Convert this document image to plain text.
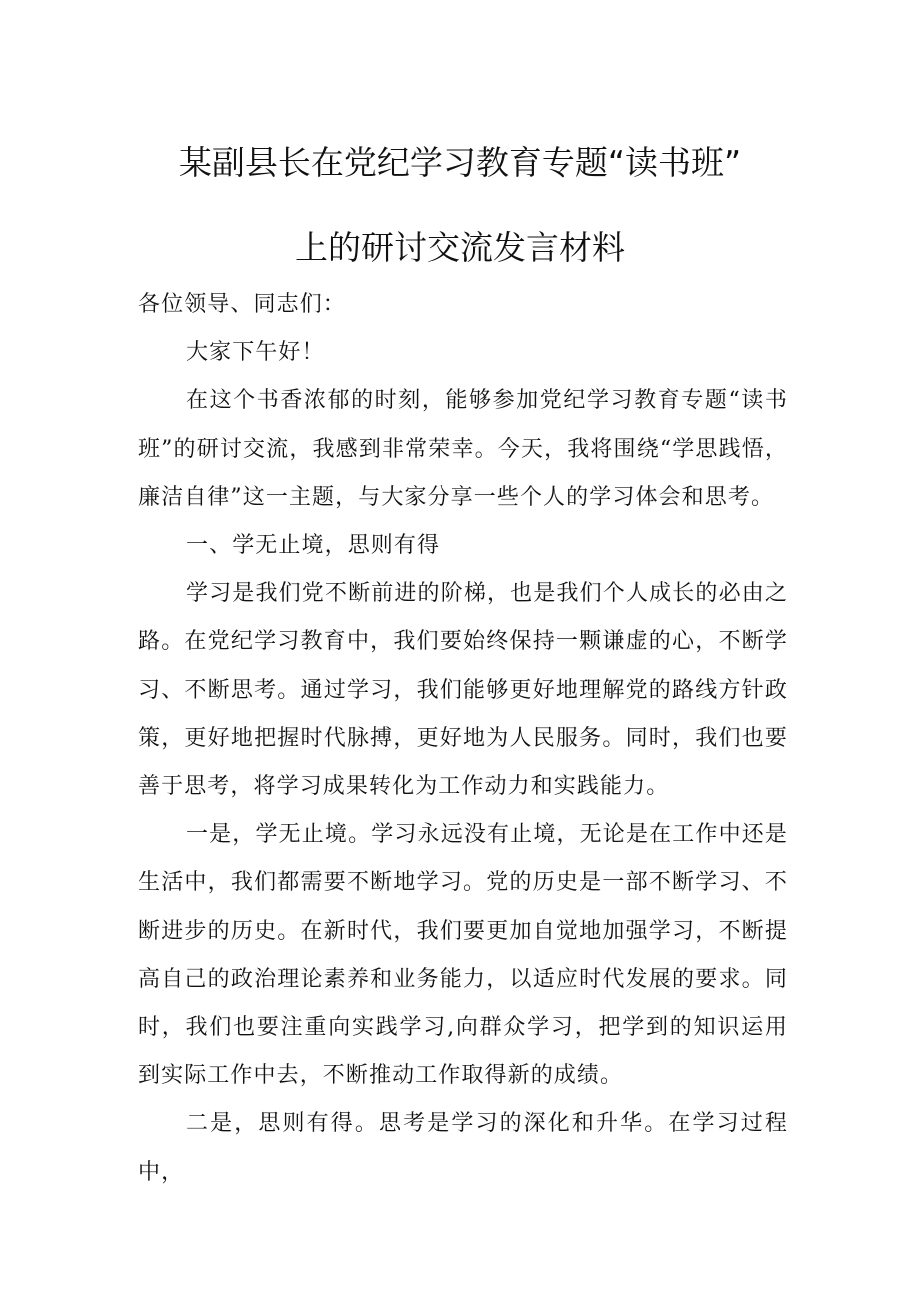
某副县长在党纪学习教育专题“读书班”
上的研讨交流发言材料

各位领导、同志们：

大家下午好！

在这个书香浓郁的时刻，能够参加党纪学习教育专题“读书班”的研讨交流，我感到非常荣幸。今天，我将围绕“学思践悟，廉洁自律”这一主题，与大家分享一些个人的学习体会和思考。

一、学无止境，思则有得

学习是我们党不断前进的阶梯，也是我们个人成长的必由之路。在党纪学习教育中，我们要始终保持一颗谦虚的心，不断学习、不断思考。通过学习，我们能够更好地理解党的路线方针政策，更好地把握时代脉搏，更好地为人民服务。同时，我们也要善于思考，将学习成果转化为工作动力和实践能力。

一是，学无止境。学习永远没有止境，无论是在工作中还是生活中，我们都需要不断地学习。党的历史是一部不断学习、不断进步的历史。在新时代，我们要更加自觉地加强学习，不断提高自己的政治理论素养和业务能力，以适应时代发展的要求。同时，我们也要注重向实践学习,向群众学习，把学到的知识运用到实际工作中去，不断推动工作取得新的成绩。

二是，思则有得。思考是学习的深化和升华。在学习过程中，
